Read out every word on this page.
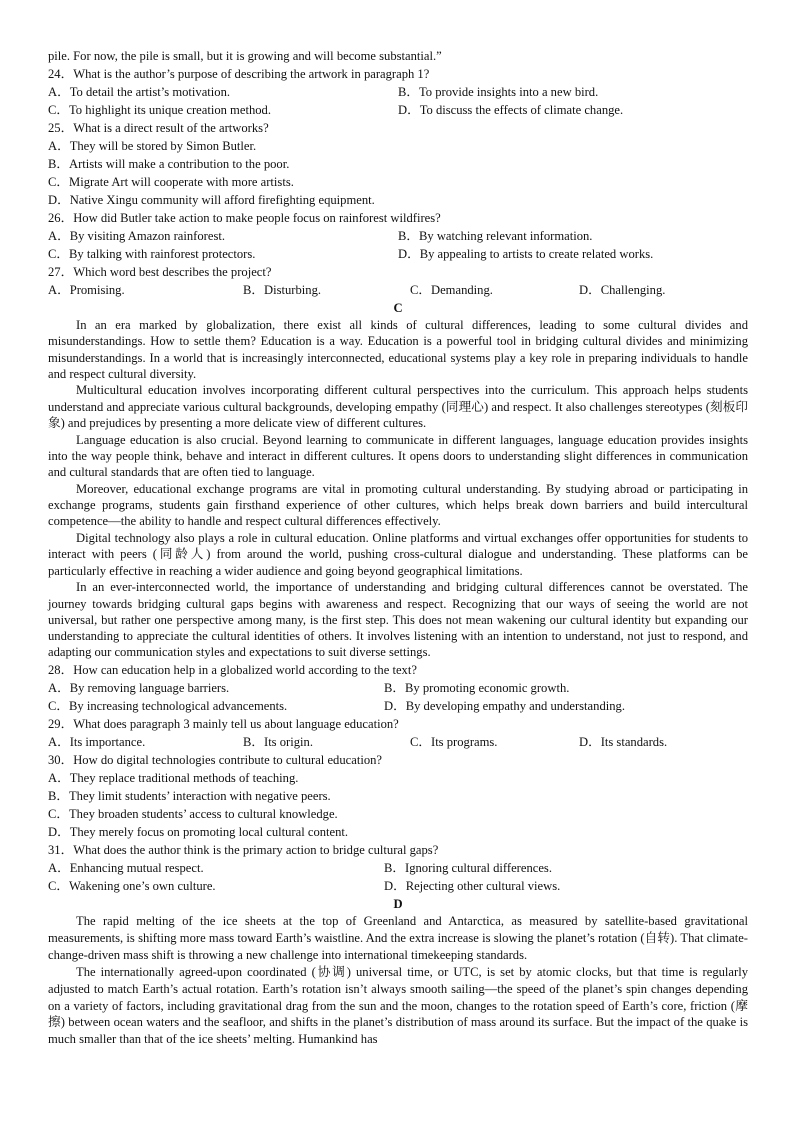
pile. For now, the pile is small, but it is growing and will become substantial.”
24．What is the author’s purpose of describing the artwork in paragraph 1?
A．To detail the artist’s motivation.	B．To provide insights into a new bird.
C．To highlight its unique creation method.	D．To discuss the effects of climate change.
25．What is a direct result of the artworks?
A．They will be stored by Simon Butler.
B．Artists will make a contribution to the poor.
C．Migrate Art will cooperate with more artists.
D．Native Xingu community will afford firefighting equipment.
26．How did Butler take action to make people focus on rainforest wildfires?
A．By visiting Amazon rainforest.	B．By watching relevant information.
C．By talking with rainforest protectors.	D．By appealing to artists to create related works.
27．Which word best describes the project?
A．Promising.	B．Disturbing.	C．Demanding.	D．Challenging.
C

In an era marked by globalization, there exist all kinds of cultural differences, leading to some cultural divides and misunderstandings. How to settle them? Education is a way. Education is a powerful tool in bridging cultural divides and minimizing misunderstandings. In a world that is increasingly interconnected, educational systems play a key role in preparing individuals to handle and respect cultural diversity.

Multicultural education involves incorporating different cultural perspectives into the curriculum. This approach helps students understand and appreciate various cultural backgrounds, developing empathy (同理心) and respect. It also challenges stereotypes (刻板印象) and prejudices by presenting a more delicate view of different cultures.

Language education is also crucial. Beyond learning to communicate in different languages, language education provides insights into the way people think, behave and interact in different cultures. It opens doors to understanding slight differences in communication and cultural standards that are often tied to language.

Moreover, educational exchange programs are vital in promoting cultural understanding. By studying abroad or participating in exchange programs, students gain firsthand experience of other cultures, which helps break down barriers and build intercultural competence—the ability to handle and respect cultural differences effectively.

Digital technology also plays a role in cultural education. Online platforms and virtual exchanges offer opportunities for students to interact with peers (同龄人) from around the world, pushing cross-cultural dialogue and understanding. These platforms can be particularly effective in reaching a wider audience and going beyond geographical limitations.

In an ever-interconnected world, the importance of understanding and bridging cultural differences cannot be overstated. The journey towards bridging cultural gaps begins with awareness and respect. Recognizing that our ways of seeing the world are not universal, but rather one perspective among many, is the first step. This does not mean wakening our cultural identity but expanding our understanding to appreciate the cultural identities of others. It involves listening with an intention to understand, not just to respond, and adapting our communication styles and expectations to suit diverse settings.

28．How can education help in a globalized world according to the text?
A．By removing language barriers.	B．By promoting economic growth.
C．By increasing technological advancements.	D．By developing empathy and understanding.
29．What does paragraph 3 mainly tell us about language education?
A．Its importance.	B．Its origin.	C．Its programs.	D．Its standards.
30．How do digital technologies contribute to cultural education?
A．They replace traditional methods of teaching.
B．They limit students’ interaction with negative peers.
C．They broaden students’ access to cultural knowledge.
D．They merely focus on promoting local cultural content.
31．What does the author think is the primary action to bridge cultural gaps?
A．Enhancing mutual respect.	B．Ignoring cultural differences.
C．Wakening one’s own culture.	D．Rejecting other cultural views.
D

The rapid melting of the ice sheets at the top of Greenland and Antarctica, as measured by satellite-based gravitational measurements, is shifting more mass toward Earth’s waistline. And the extra increase is slowing the planet’s rotation (自转). That climate-change-driven mass shift is throwing a new challenge into international timekeeping standards.

The internationally agreed-upon coordinated (协调) universal time, or UTC, is set by atomic clocks, but that time is regularly adjusted to match Earth’s actual rotation. Earth’s rotation isn’t always smooth sailing—the speed of the planet’s spin changes depending on a variety of factors, including gravitational drag from the sun and the moon, changes to the rotation speed of Earth’s core, friction (摩擦) between ocean waters and the seafloor, and shifts in the planet’s distribution of mass around its surface. But the impact of the quake is much smaller than that of the ice sheets’ melting. Humankind has
